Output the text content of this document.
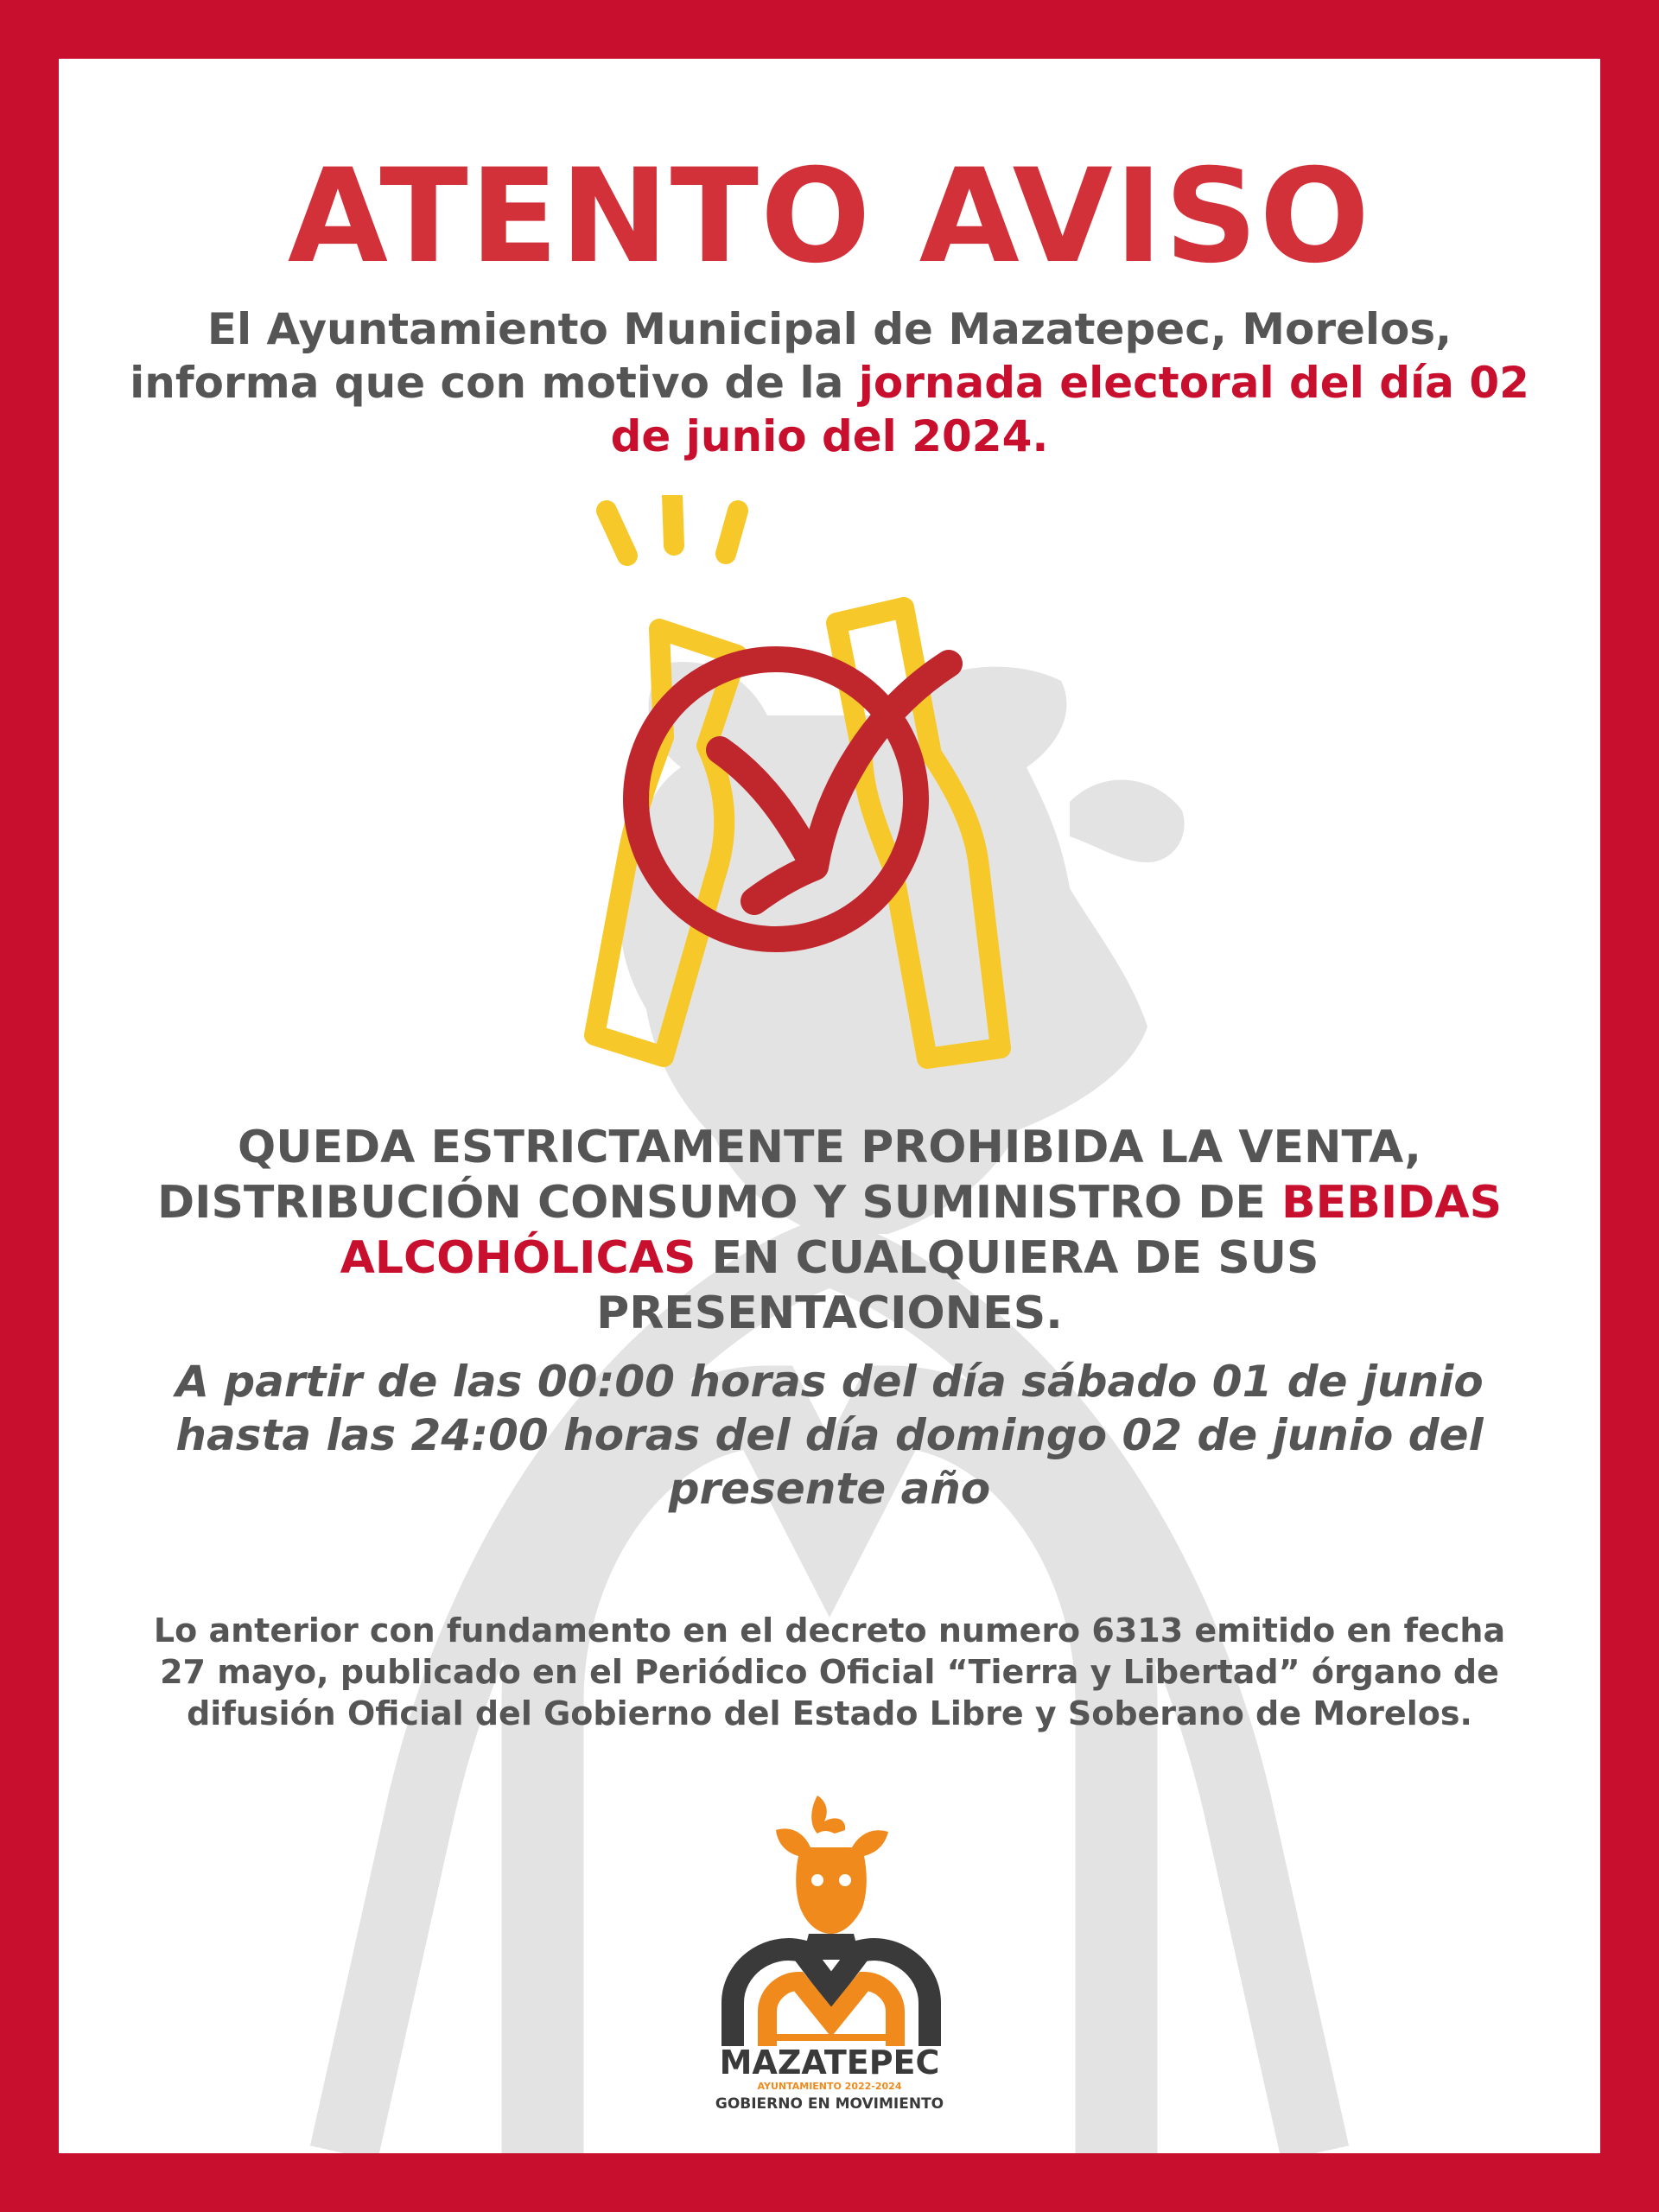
ATENTO AVISO
El Ayuntamiento Municipal de Mazatepec, Morelos, informa que con motivo de la jornada electoral del día 02 de junio del 2024.
QUEDA ESTRICTAMENTE PROHIBIDA LA VENTA, DISTRIBUCIÓN CONSUMO Y SUMINISTRO DE BEBIDAS ALCOHÓLICAS EN CUALQUIERA DE SUS PRESENTACIONES.
A partir de las 00:00 horas del día sábado 01 de junio hasta las 24:00 horas del día domingo 02 de junio del presente año
Lo anterior con fundamento en el decreto numero 6313 emitido en fecha 27 mayo, publicado en el Periódico Oficial “Tierra y Libertad” órgano de difusión Oficial del Gobierno del Estado Libre y Soberano de Morelos.
MAZATEPEC
AYUNTAMIENTO 2022-2024
GOBIERNO EN MOVIMIENTO
